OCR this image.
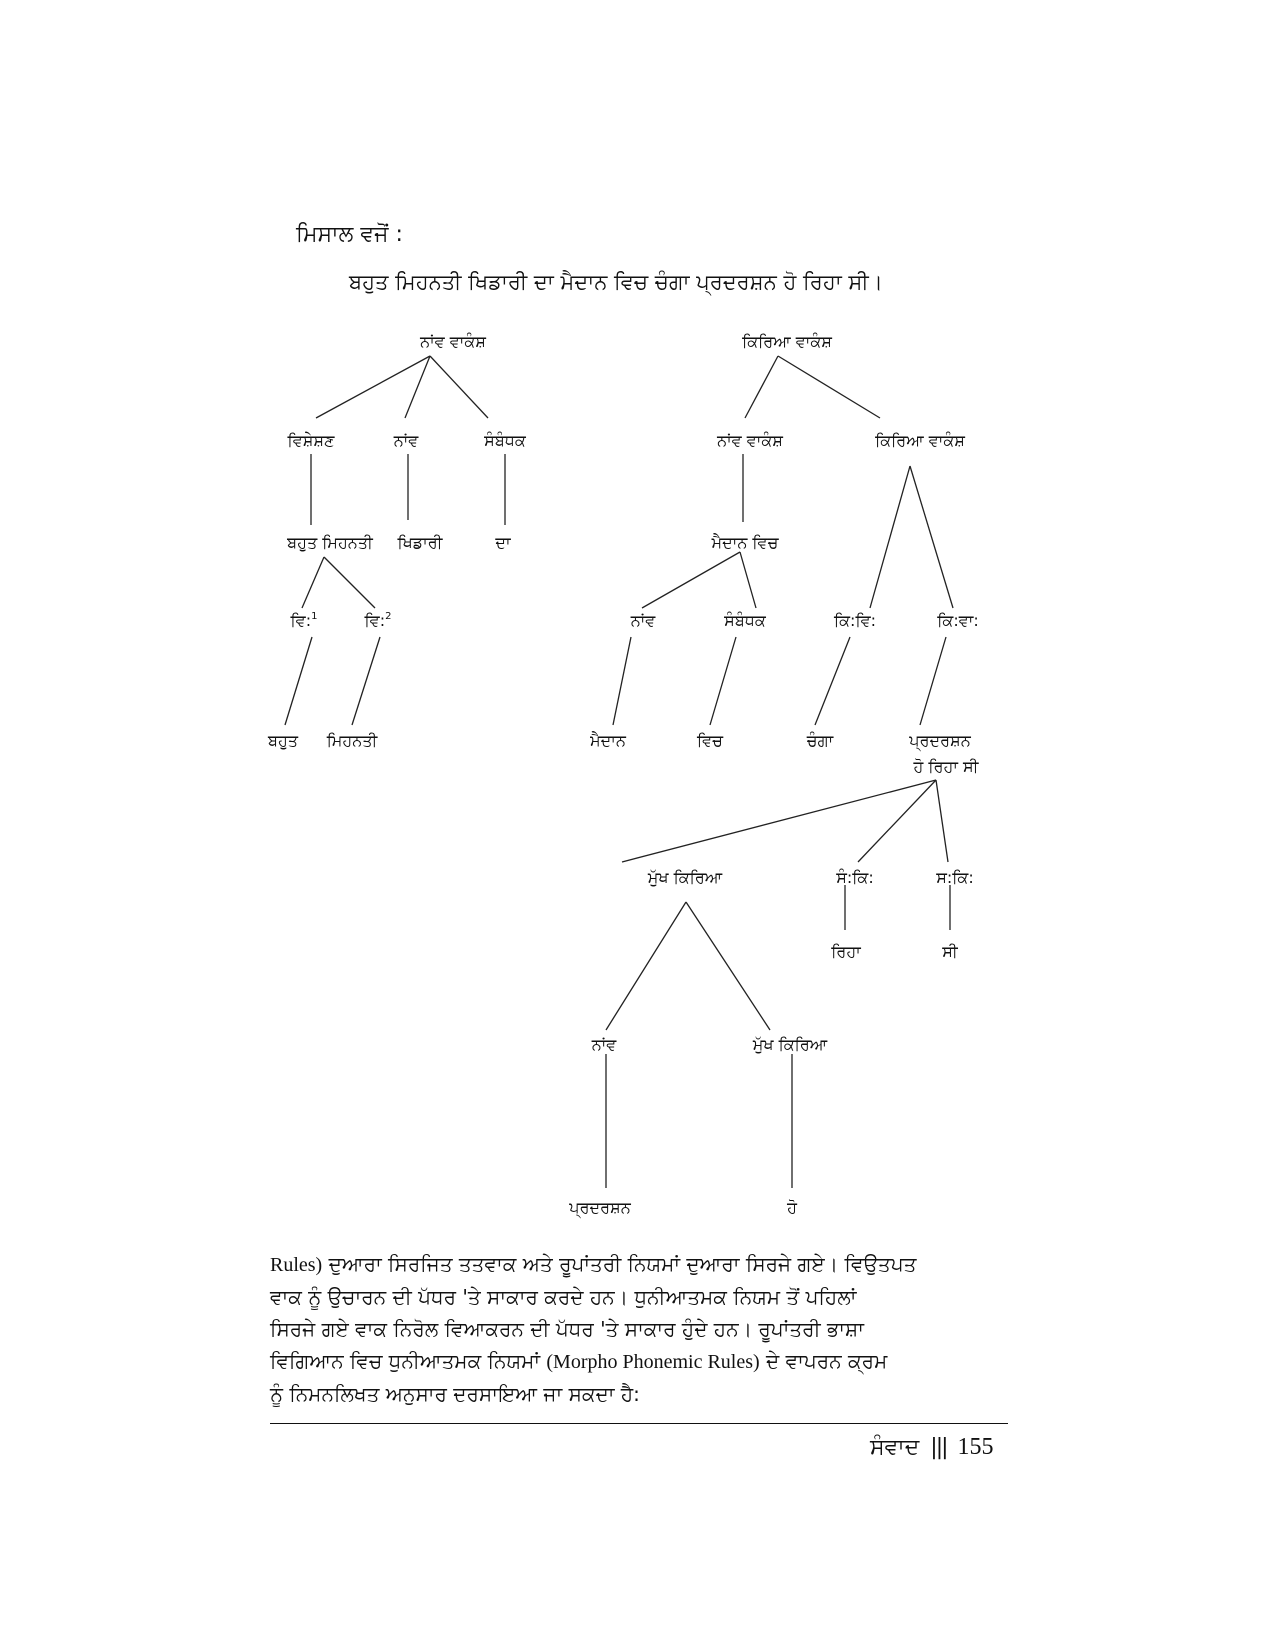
ਮਿਸਾਲ ਵਜੋਂ :
ਬਹੁਤ ਮਿਹਨਤੀ ਖਿਡਾਰੀ ਦਾ ਮੈਦਾਨ ਵਿਚ ਚੰਗਾ ਪ੍ਰਦਰਸ਼ਨ ਹੋ ਰਿਹਾ ਸੀ।
ਨਾਂਵ ਵਾਕੰਸ਼
ਵਿਸ਼ੇਸ਼ਣ	ਨਾਂਵ	ਸੰਬੰਧਕ
ਬਹੁਤ ਮਿਹਨਤੀ ਖਿਡਾਰੀ	ਦਾ
ਵਿ:$^1$	ਵਿ:$^2$
ਬਹੁਤ ਮਿਹਨਤੀ
ਕਿਰਿਆ ਵਾਕੰਸ਼
ਨਾਂਵ ਵਾਕੰਸ਼	ਕਿਰਿਆ ਵਾਕੰਸ਼
ਮੈਦਾਨ ਵਿਚ
ਨਾਂਵ	ਸੰਬੰਧਕ
ਮੈਦਾਨ	ਵਿਚ
ਕਿ:ਵਿ:	ਕਿ:ਵਾ:
ਚੰਗਾ	ਪ੍ਰਦਰਸ਼ਨ
ਹੋ ਰਿਹਾ ਸੀ
ਮੁੱਖ ਕਿਰਿਆ	ਸੰ:ਕਿ:	ਸ:ਕਿ:
ਰਿਹਾ	ਸੀ
ਨਾਂਵ	ਮੁੱਖ ਕਿਰਿਆ
ਪ੍ਰਦਰਸ਼ਨ	ਹੋ
Rules) ਦੁਆਰਾ ਸਿਰਜਿਤ ਤਤਵਾਕ ਅਤੇ ਰੂਪਾਂਤਰੀ ਨਿਯਮਾਂ ਦੁਆਰਾ ਸਿਰਜੇ ਗਏ। ਵਿਉਤਪਤ
ਵਾਕ ਨੂੰ ਉਚਾਰਨ ਦੀ ਪੱਧਰ 'ਤੇ ਸਾਕਾਰ ਕਰਦੇ ਹਨ। ਧੁਨੀਆਤਮਕ ਨਿਯਮ ਤੋਂ ਪਹਿਲਾਂ
ਸਿਰਜੇ ਗਏ ਵਾਕ ਨਿਰੋਲ ਵਿਆਕਰਨ ਦੀ ਪੱਧਰ 'ਤੇ ਸਾਕਾਰ ਹੁੰਦੇ ਹਨ। ਰੂਪਾਂਤਰੀ ਭਾਸ਼ਾ
ਵਿਗਿਆਨ ਵਿਚ ਧੁਨੀਆਤਮਕ ਨਿਯਮਾਂ (Morpho Phonemic Rules) ਦੇ ਵਾਪਰਨ ਕ੍ਰਮ
ਨੂੰ ਨਿਮਨਲਿਖਤ ਅਨੁਸਾਰ ਦਰਸਾਇਆ ਜਾ ਸਕਦਾ ਹੈ:
ਸੰਵਾਦ ||| 155
